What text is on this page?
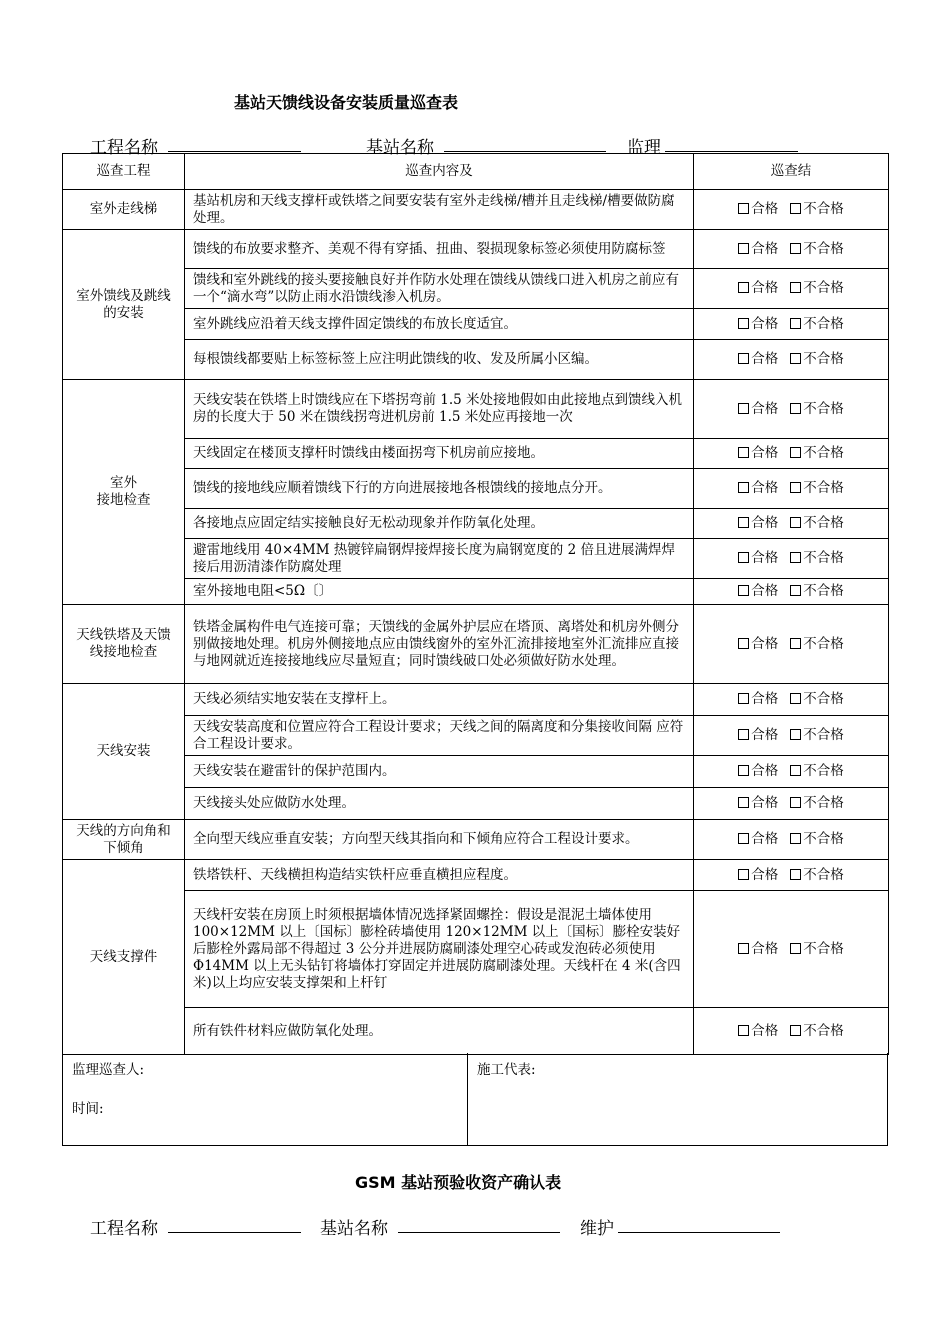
基站天馈线设备安装质量巡查表
工程名称	基站名称	监理
巡查工程	巡查内容及	巡查结
室外走线梯	基站机房和天线支撑杆或铁塔之间要安装有室外走线梯/槽并且走线梯/槽要做防腐处理。	合格 不合格
室外馈线及跳线的安装	馈线的布放要求整齐、美观不得有穿插、扭曲、裂损现象标签必须使用防腐标签	合格 不合格
	馈线和室外跳线的接头要接触良好并作防水处理在馈线从馈线口进入机房之前应有一个“滴水弯”以防止雨水沿馈线渗入机房。	合格 不合格
	室外跳线应沿着天线支撑件固定馈线的布放长度适宜。	合格 不合格
	每根馈线都要贴上标签标签上应注明此馈线的收、发及所属小区编。	合格 不合格
室外
接地检查	天线安装在铁塔上时馈线应在下塔拐弯前 1.5 米处接地假如由此接地点到馈线入机房的长度大于 50 米在馈线拐弯进机房前 1.5 米处应再接地一次	合格 不合格
	天线固定在楼顶支撑杆时馈线由楼面拐弯下机房前应接地。	合格 不合格
	馈线的接地线应顺着馈线下行的方向进展接地各根馈线的接地点分开。	合格 不合格
	各接地点应固定结实接触良好无松动现象并作防氧化处理。	合格 不合格
	避雷地线用 40×4MM 热镀锌扁钢焊接焊接长度为扁钢宽度的 2 倍且进展满焊焊接后用沥清漆作防腐处理	合格 不合格
	室外接地电阻<5Ω〔〕	合格 不合格
天线铁塔及天馈线接地检查	铁塔金属构件电气连接可靠；天馈线的金属外护层应在塔顶、离塔处和机房外侧分别做接地处理。机房外侧接地点应由馈线窗外的室外汇流排接地室外汇流排应直接与地网就近连接接地线应尽量短直；同时馈线破口处必须做好防水处理。	合格 不合格
天线安装	天线必须结实地安装在支撑杆上。	合格 不合格
	天线安装高度和位置应符合工程设计要求；天线之间的隔离度和分集接收间隔 应符合工程设计要求。	合格 不合格
	天线安装在避雷针的保护范围内。	合格 不合格
	天线接头处应做防水处理。	合格 不合格
天线的方向角和下倾角	全向型天线应垂直安装；方向型天线其指向和下倾角应符合工程设计要求。	合格 不合格
天线支撑件	铁塔铁杆、天线横担构造结实铁杆应垂直横担应程度。	合格 不合格
	天线杆安装在房顶上时须根据墙体情况选择紧固螺拴：假设是混泥土墙体使用 100×12MM 以上〔国标〕膨栓砖墙使用 120×12MM 以上〔国标〕膨栓安装好后膨栓外露局部不得超过 3 公分并进展防腐刷漆处理空心砖或发泡砖必须使用 Φ14MM 以上无头钻钉将墙体打穿固定并进展防腐刷漆处理。天线杆在 4 米(含四米)以上均应安装支撑架和上杆钉	合格 不合格
	所有铁件材料应做防氧化处理。	合格 不合格
监理巡查人:
时间:
施工代表:
GSM 基站预验收资产确认表
工程名称	基站名称	维护
